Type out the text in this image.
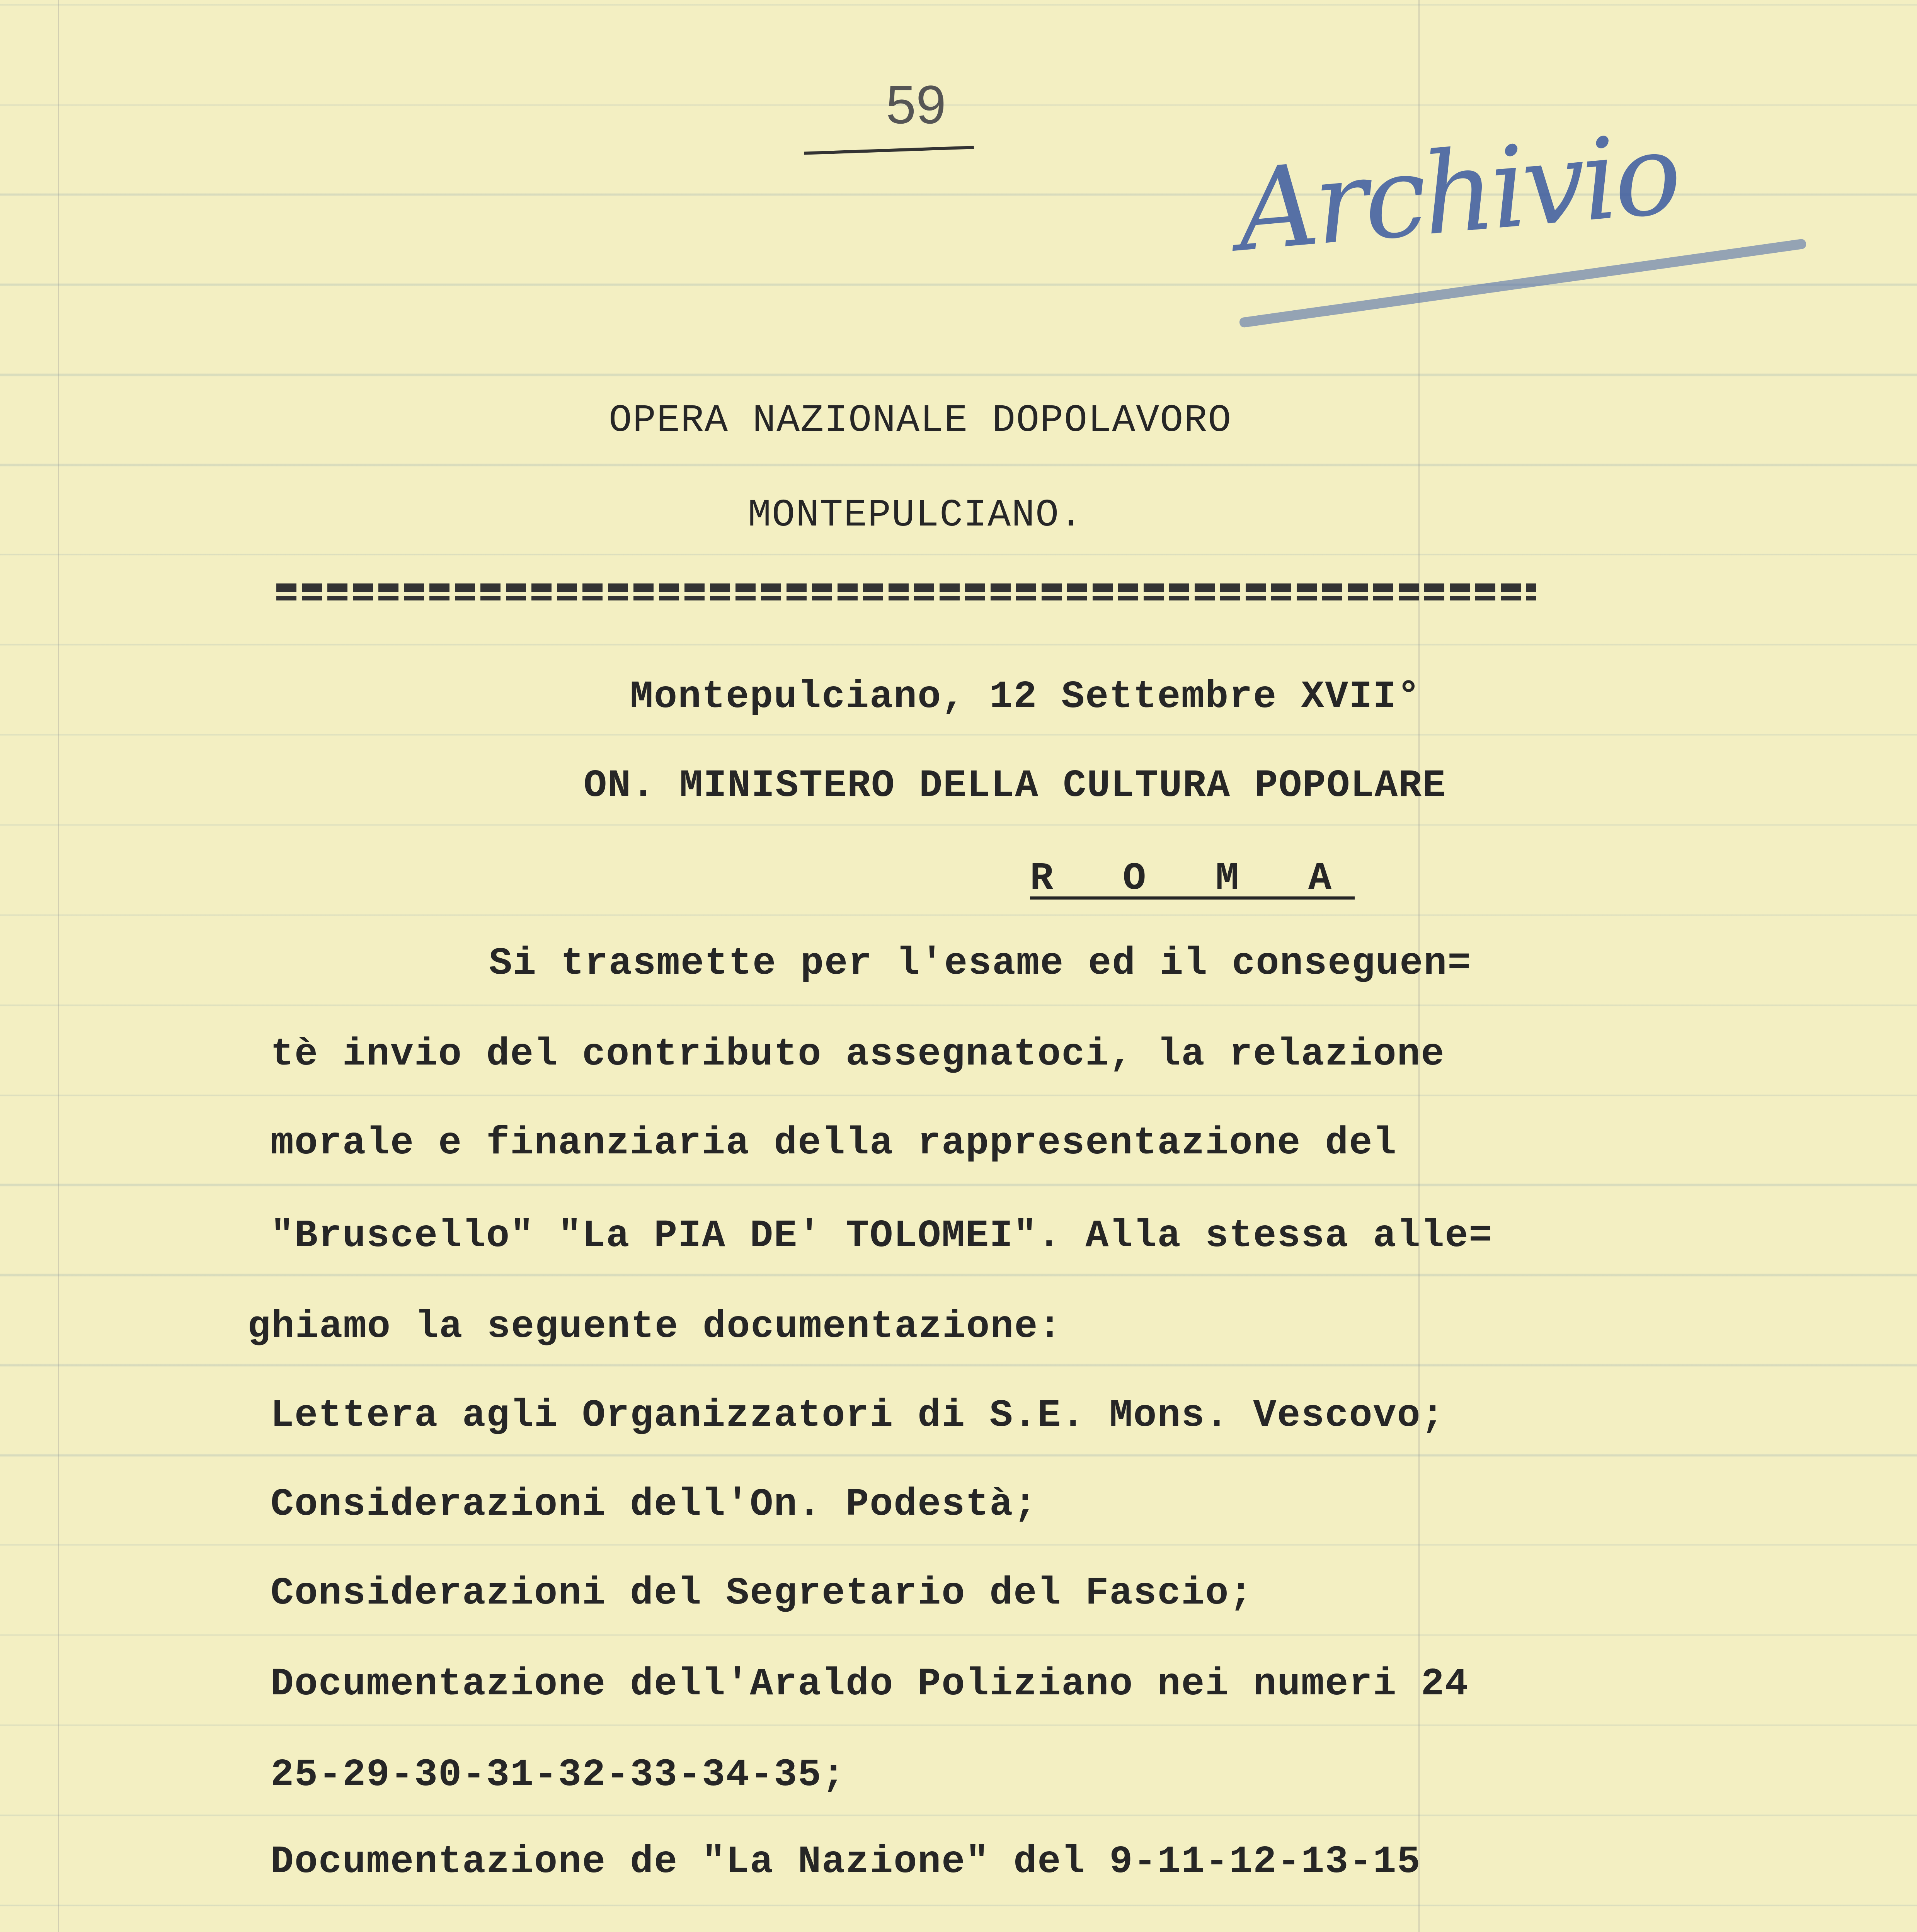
59
Archivio
OPERA NAZIONALE DOPOLAVORO
MONTEPULCIANO.
Montepulciano, 12 Settembre XVII°
ON. MINISTERO DELLA CULTURA POPOLARE
R O M A
Si trasmette per l'esame ed il conseguen=
tè invio del contributo assegnatoci, la relazione
morale e finanziaria della rappresentazione del
"Bruscello" "La PIA DE' TOLOMEI". Alla stessa alle=
ghiamo la seguente documentazione:
Lettera agli Organizzatori di S.E. Mons. Vescovo;
Considerazioni dell'On. Podestà;
Considerazioni del Segretario del Fascio;
Documentazione dell'Araldo Poliziano nei numeri 24
25-29-30-31-32-33-34-35;
Documentazione de "La Nazione" del 9-11-12-13-15
